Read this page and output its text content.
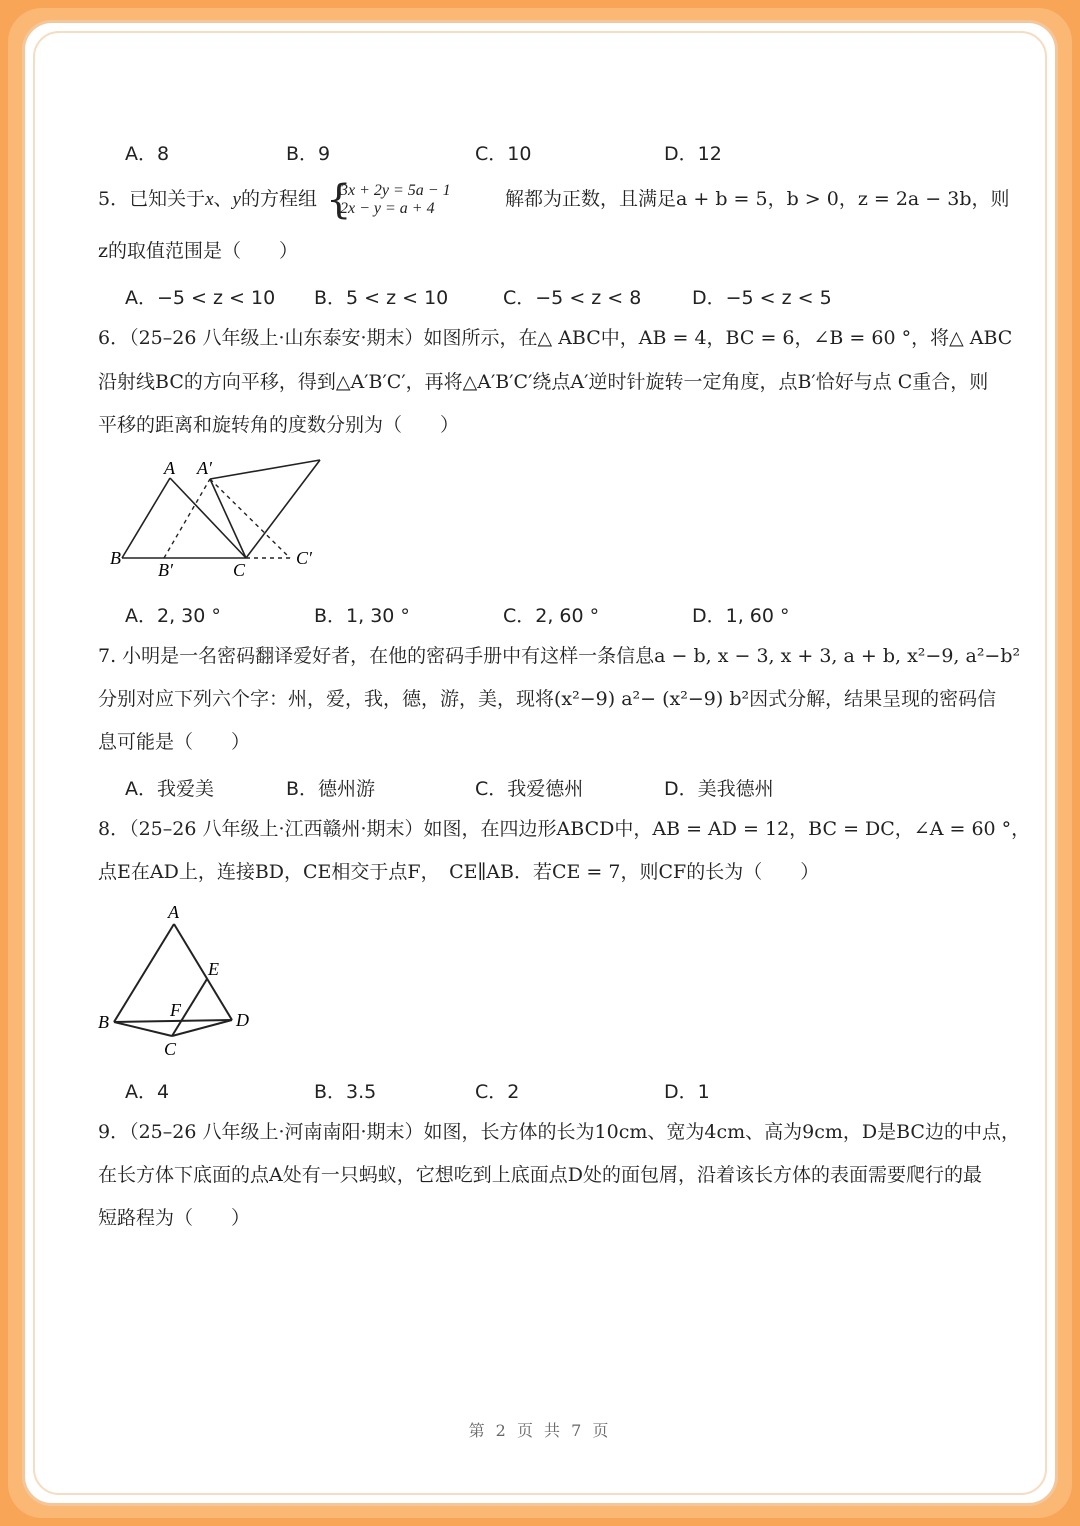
A．8	B．9	C．10	D．12
5．已知关于x、y的方程组 {
3x + 2y = 5a − 1
2x − y = a + 4	解都为正数，且满足a + b = 5，b > 0，z = 2a − 3b，则
z的取值范围是（　　）
A．−5 < z < 10 B．5 < z < 10	C．−5 < z < 8	D．−5 < z < 5
6．（25–26 八年级上·山东泰安·期末）如图所示，在△ ABC中，AB = 4，BC = 6，∠B = 60 °，将△ ABC
沿射线BC的方向平移，得到△A′B′C′，再将△A′B′C′绕点A′逆时针旋转一定角度，点B′恰好与点 C重合，则
平移的距离和旋转角的度数分别为（　　）
A A′
B
B′	C
C′
A．2, 30 °	B．1, 30 °	C．2, 60 °	D．1, 60 °
7. 小明是一名密码翻译爱好者，在他的密码手册中有这样一条信息a − b, x − 3, x + 3, a + b, x²−9, a²−b²
分别对应下列六个字：州，爱，我，德，游，美，现将(x²−9) a²− (x²−9) b²因式分解，结果呈现的密码信
息可能是（　　）
A．我爱美	B．德州游	C．我爱德州	D．美我德州
8．（25–26 八年级上·江西赣州·期末）如图，在四边形ABCD中，AB = AD = 12，BC = DC，∠A = 60 °，
点E在AD上，连接BD，CE相交于点F，　CE∥AB．若CE = 7，则CF的长为（　　）
A
B
C
D
E
F
A．4	B．3.5	C．2	D．1
9．（25–26 八年级上·河南南阳·期末）如图，长方体的长为10cm、宽为4cm、高为9cm，D是BC边的中点，
在长方体下底面的点A处有一只蚂蚁，它想吃到上底面点D处的面包屑，沿着该长方体的表面需要爬行的最
短路程为（　　）
第 2 页 共 7 页
